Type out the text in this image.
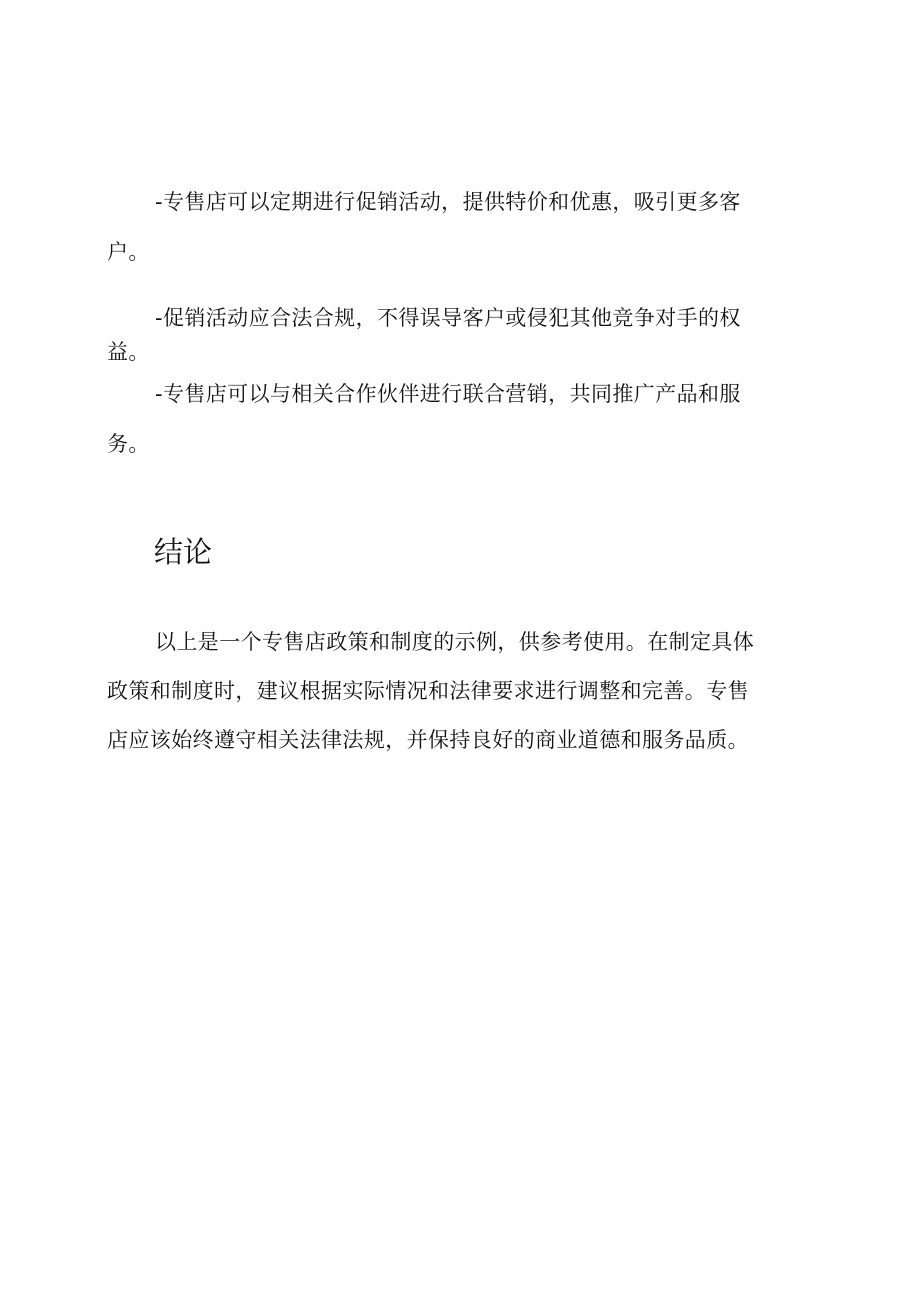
-专售店可以定期进行促销活动，提供特价和优惠，吸引更多客
户。
-促销活动应合法合规，不得误导客户或侵犯其他竞争对手的权
益。
-专售店可以与相关合作伙伴进行联合营销，共同推广产品和服
务。
结论
以上是一个专售店政策和制度的示例，供参考使用。在制定具体
政策和制度时，建议根据实际情况和法律要求进行调整和完善。专售
店应该始终遵守相关法律法规，并保持良好的商业道德和服务品质。
